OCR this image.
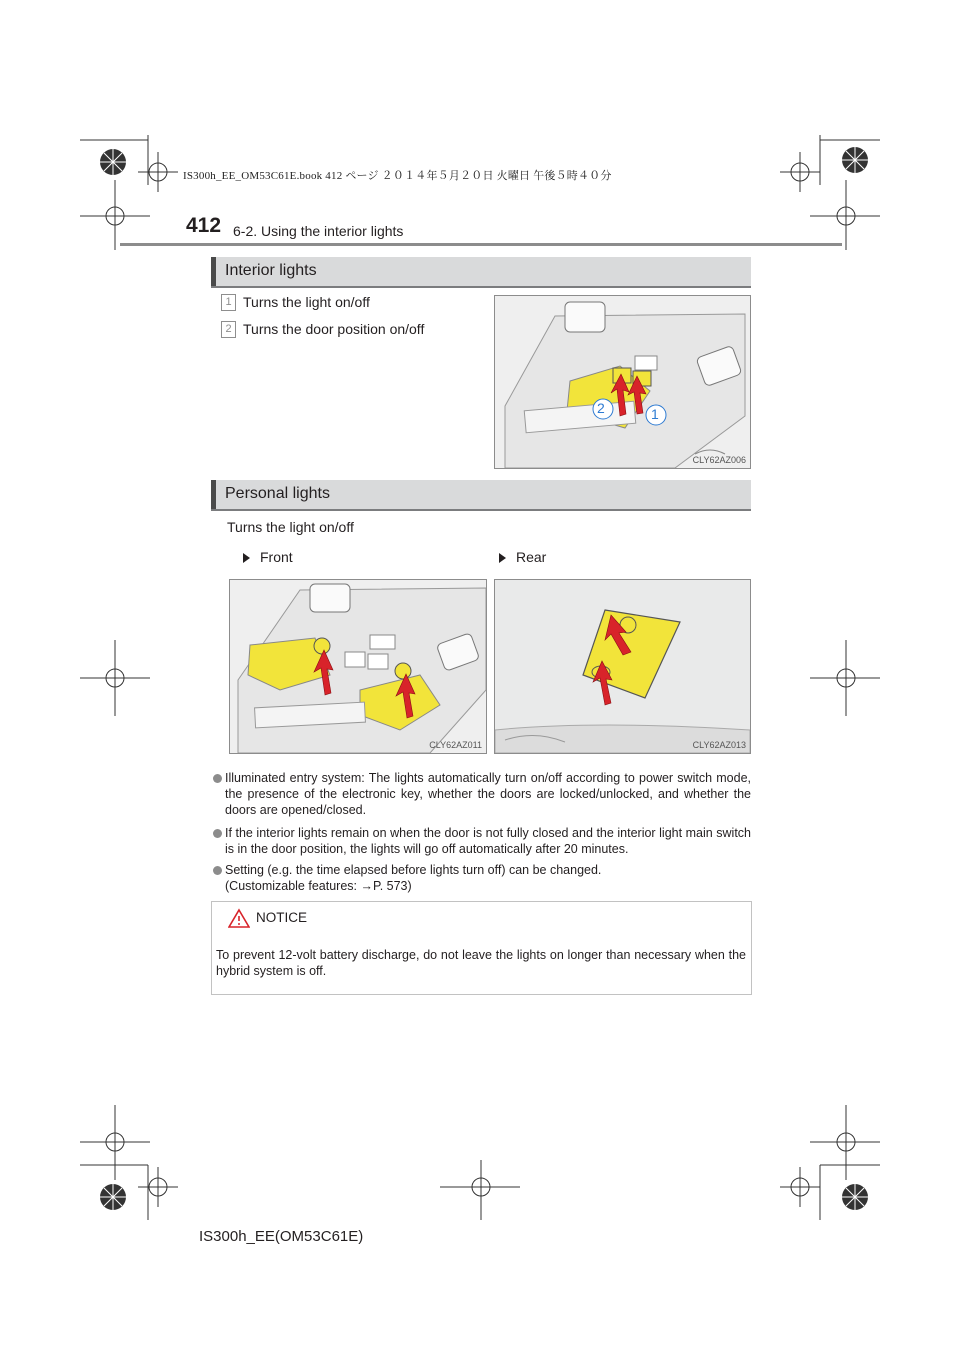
IS300h_EE_OM53C61E.book 412 ページ ２０１４年５月２０日 火曜日 午後５時４０分
412 6-2. Using the interior lights
Interior lights
1 Turns the light on/off
2 Turns the door position on/off
2	1
CLY62AZ006
Personal lights
Turns the light on/off
Front	Rear
CLY62AZ011	CLY62AZ013
Illuminated entry system: The lights automatically turn on/off according to power switch mode, the presence of the electronic key, whether the doors are locked/unlocked, and whether the doors are opened/closed.
If the interior lights remain on when the door is not fully closed and the interior light main switch is in the door position, the lights will go off automatically after 20 minutes.
Setting (e.g. the time elapsed before lights turn off) can be changed.
(Customizable features: →P. 573)
NOTICE
To prevent 12-volt battery discharge, do not leave the lights on longer than necessary when the hybrid system is off.
IS300h_EE(OM53C61E)
